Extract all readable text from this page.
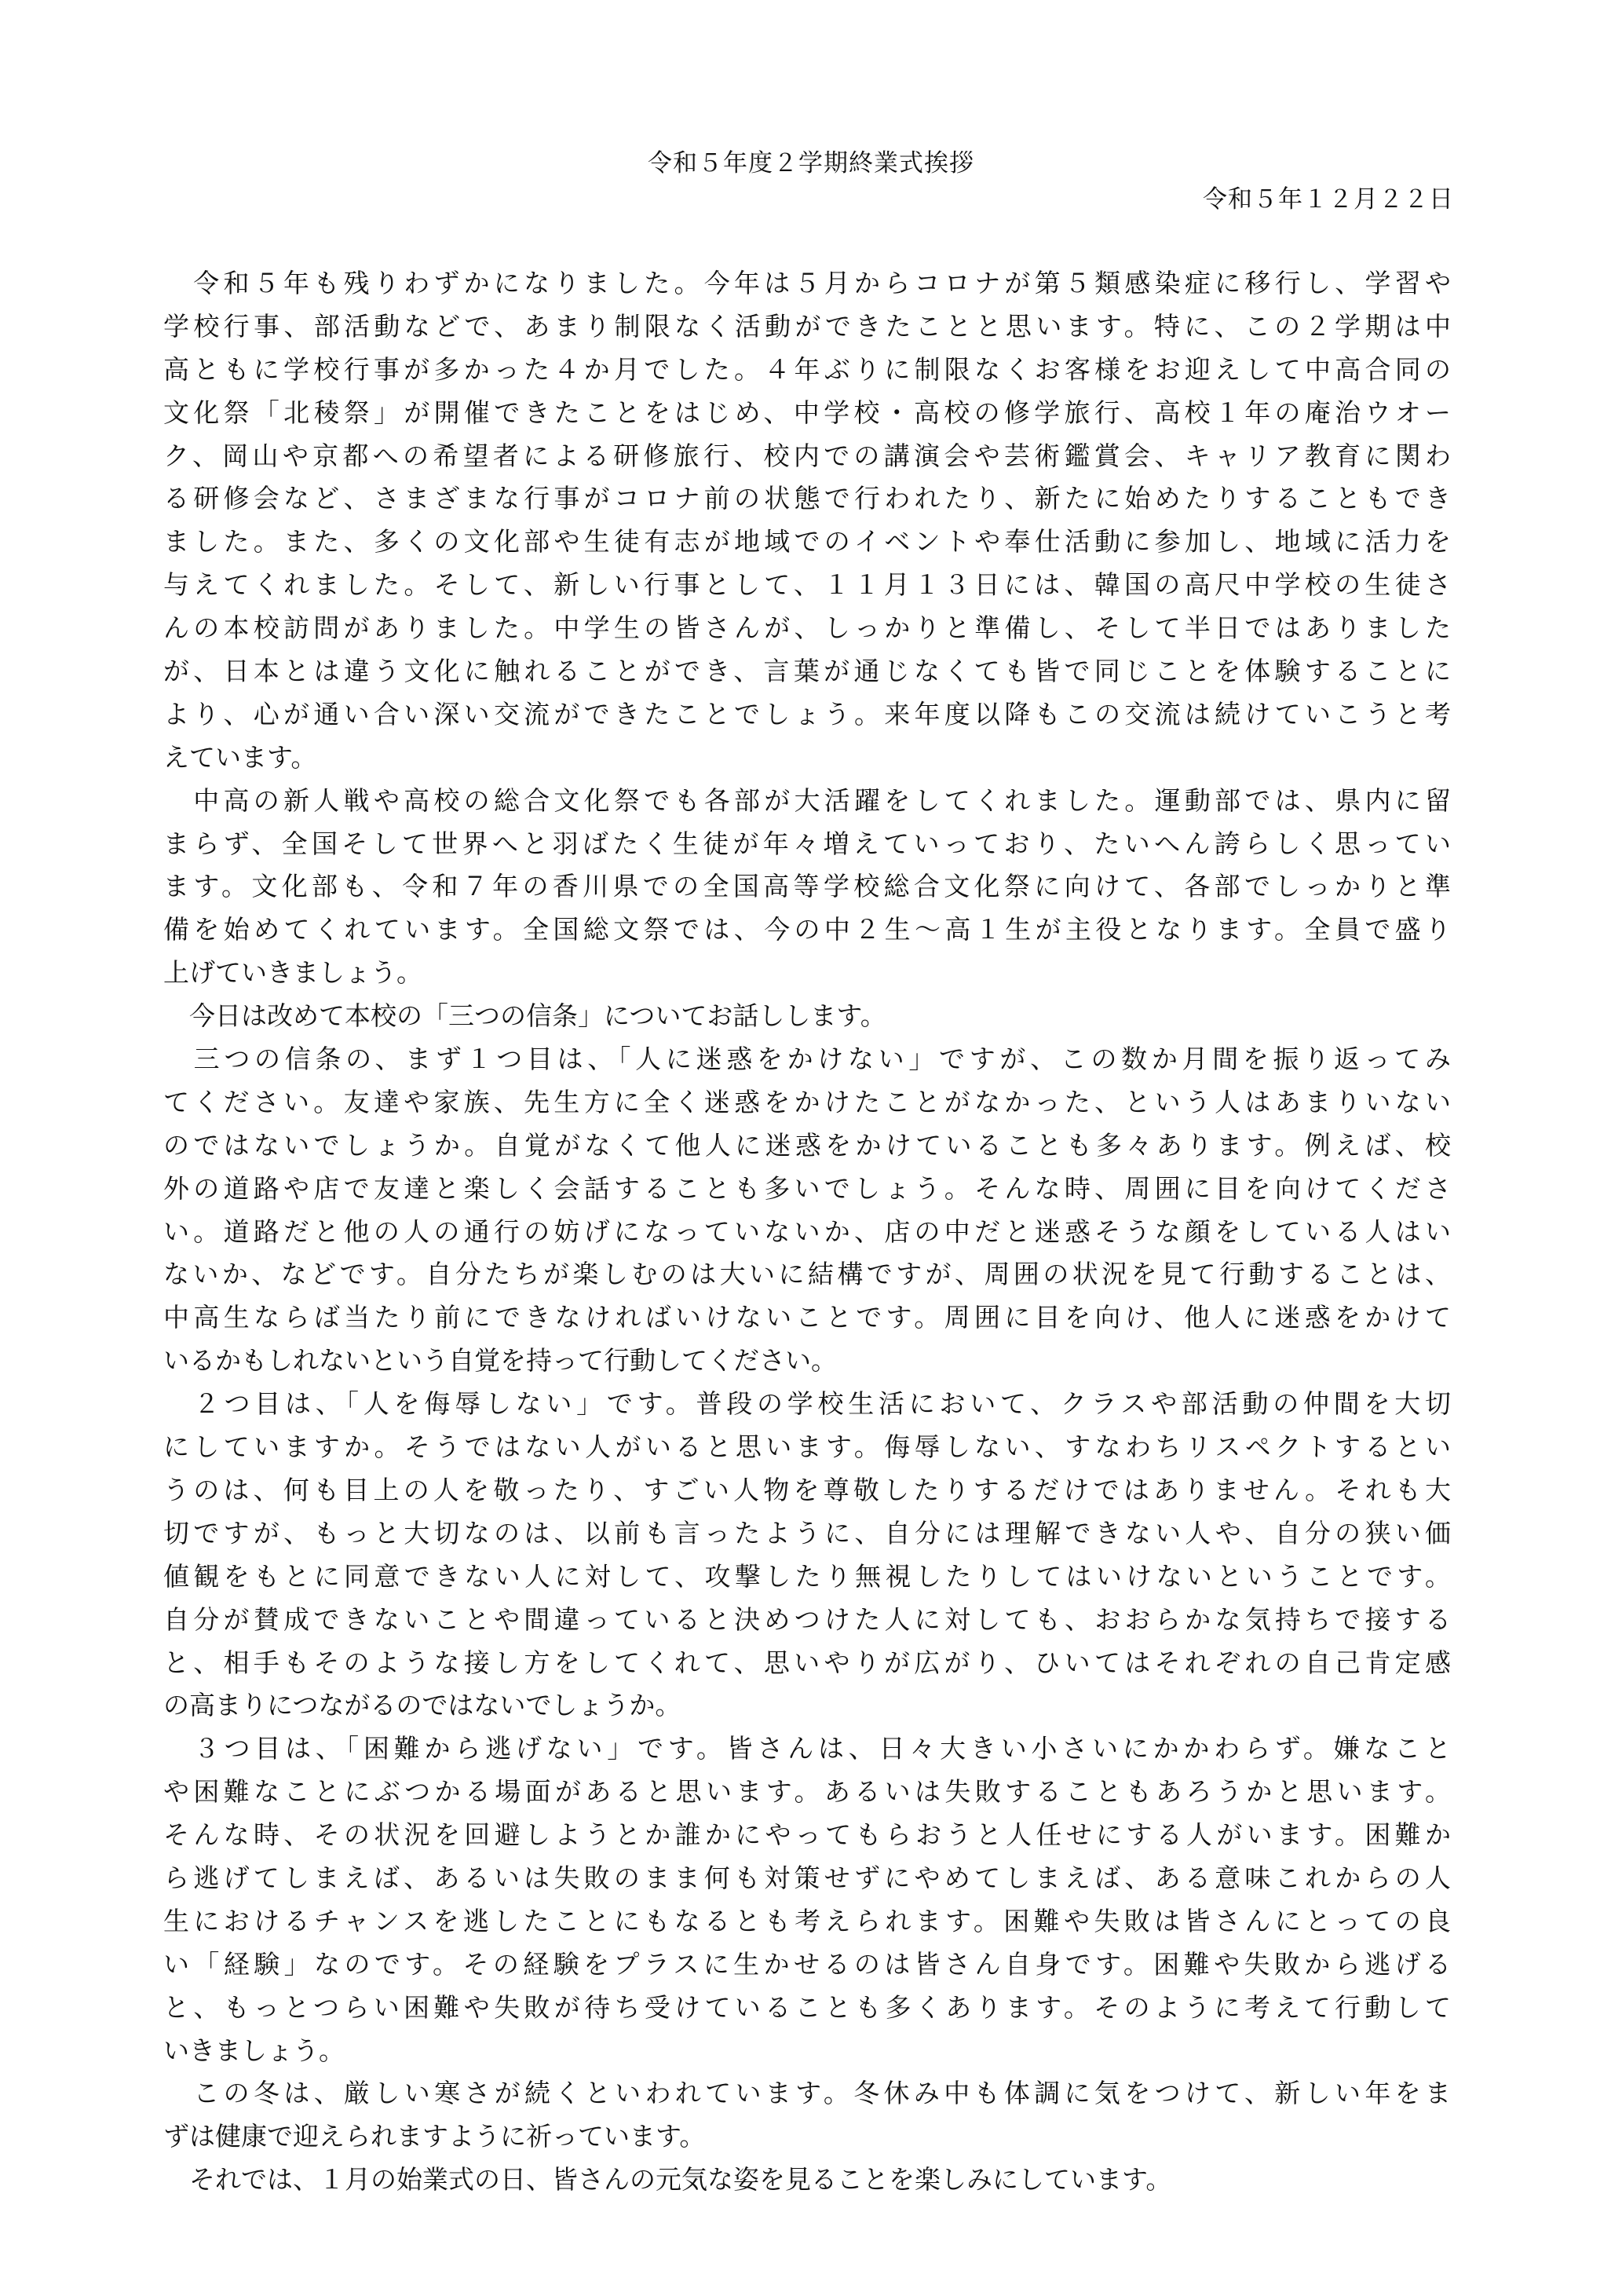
令和５年度２学期終業式挨拶
令和５年１２月２２日
　令和５年も残りわずかになりました。今年は５月からコロナが第５類感染症に移行し、学習や
学校行事、部活動などで、あまり制限なく活動ができたことと思います。特に、この２学期は中
高ともに学校行事が多かった４か月でした。４年ぶりに制限なくお客様をお迎えして中高合同の
文化祭「北稜祭」が開催できたことをはじめ、中学校・高校の修学旅行、高校１年の庵治ウオー
ク、岡山や京都への希望者による研修旅行、校内での講演会や芸術鑑賞会、キャリア教育に関わ
る研修会など、さまざまな行事がコロナ前の状態で行われたり、新たに始めたりすることもでき
ました。また、多くの文化部や生徒有志が地域でのイベントや奉仕活動に参加し、地域に活力を
与えてくれました。そして、新しい行事として、１１月１３日には、韓国の高尺中学校の生徒さ
んの本校訪問がありました。中学生の皆さんが、しっかりと準備し、そして半日ではありました
が、日本とは違う文化に触れることができ、言葉が通じなくても皆で同じことを体験することに
より、心が通い合い深い交流ができたことでしょう。来年度以降もこの交流は続けていこうと考
えています。
　中高の新人戦や高校の総合文化祭でも各部が大活躍をしてくれました。運動部では、県内に留
まらず、全国そして世界へと羽ばたく生徒が年々増えていっており、たいへん誇らしく思ってい
ます。文化部も、令和７年の香川県での全国高等学校総合文化祭に向けて、各部でしっかりと準
備を始めてくれています。全国総文祭では、今の中２生～高１生が主役となります。全員で盛り
上げていきましょう。
　今日は改めて本校の「三つの信条」についてお話しします。
　三つの信条の、まず１つ目は、「人に迷惑をかけない」ですが、この数か月間を振り返ってみ
てください。友達や家族、先生方に全く迷惑をかけたことがなかった、という人はあまりいない
のではないでしょうか。自覚がなくて他人に迷惑をかけていることも多々あります。例えば、校
外の道路や店で友達と楽しく会話することも多いでしょう。そんな時、周囲に目を向けてくださ
い。道路だと他の人の通行の妨げになっていないか、店の中だと迷惑そうな顔をしている人はい
ないか、などです。自分たちが楽しむのは大いに結構ですが、周囲の状況を見て行動することは、
中高生ならば当たり前にできなければいけないことです。周囲に目を向け、他人に迷惑をかけて
いるかもしれないという自覚を持って行動してください。
　２つ目は、「人を侮辱しない」です。普段の学校生活において、クラスや部活動の仲間を大切
にしていますか。そうではない人がいると思います。侮辱しない、すなわちリスペクトするとい
うのは、何も目上の人を敬ったり、すごい人物を尊敬したりするだけではありません。それも大
切ですが、もっと大切なのは、以前も言ったように、自分には理解できない人や、自分の狭い価
値観をもとに同意できない人に対して、攻撃したり無視したりしてはいけないということです。
自分が賛成できないことや間違っていると決めつけた人に対しても、おおらかな気持ちで接する
と、相手もそのような接し方をしてくれて、思いやりが広がり、ひいてはそれぞれの自己肯定感
の高まりにつながるのではないでしょうか。
　３つ目は、「困難から逃げない」です。皆さんは、日々大きい小さいにかかわらず。嫌なこと
や困難なことにぶつかる場面があると思います。あるいは失敗することもあろうかと思います。
そんな時、その状況を回避しようとか誰かにやってもらおうと人任せにする人がいます。困難か
ら逃げてしまえば、あるいは失敗のまま何も対策せずにやめてしまえば、ある意味これからの人
生におけるチャンスを逃したことにもなるとも考えられます。困難や失敗は皆さんにとっての良
い「経験」なのです。その経験をプラスに生かせるのは皆さん自身です。困難や失敗から逃げる
と、もっとつらい困難や失敗が待ち受けていることも多くあります。そのように考えて行動して
いきましょう。
　この冬は、厳しい寒さが続くといわれています。冬休み中も体調に気をつけて、新しい年をま
ずは健康で迎えられますように祈っています。
　それでは、１月の始業式の日、皆さんの元気な姿を見ることを楽しみにしています。
